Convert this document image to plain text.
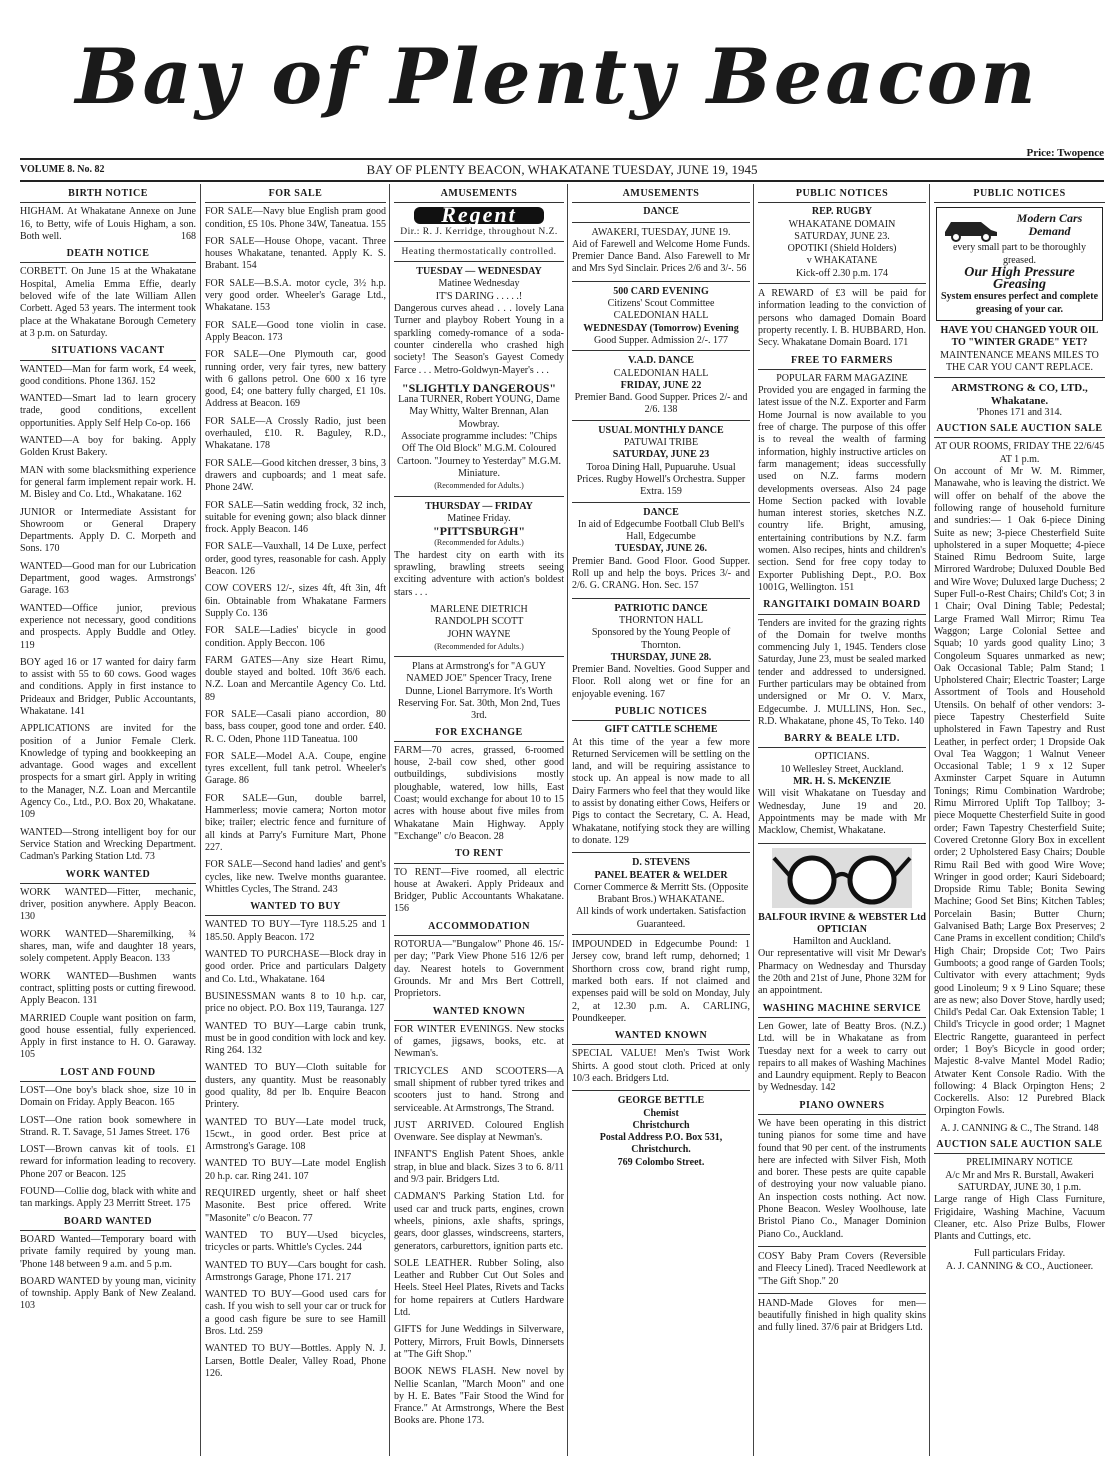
Bay of Plenty Beacon
Price: Twopence
VOLUME 8. No. 82	BAY OF PLENTY BEACON, WHAKATANE TUESDAY, JUNE 19, 1945
BIRTH NOTICE
HIGHAM. At Whakatane Annexe on June 16, to Betty, wife of Louis Higham, a son. Both well.	168
DEATH NOTICE
CORBETT. On June 15 at the Whakatane Hospital, Amelia Emma Effie, dearly beloved wife of the late William Allen Corbett. Aged 53 years. The interment took place at the Whakatane Borough Cemetery at 3 p.m. on Saturday.
SITUATIONS VACANT
WANTED—Man for farm work, £4 week, good conditions. Phone 136J. 152
WANTED—Smart lad to learn grocery trade, good conditions, excellent opportunities. Apply Self Help Co-op. 166
WANTED—A boy for baking. Apply Golden Krust Bakery.
MAN with some blacksmithing experience for general farm implement repair work. H. M. Bisley and Co. Ltd., Whakatane. 162
JUNIOR or Intermediate Assistant for Showroom or General Drapery Departments. Apply D. C. Morpeth and Sons. 170
WANTED—Good man for our Lubrication Department, good wages. Armstrongs' Garage. 163
WANTED—Office junior, previous experience not necessary, good conditions and prospects. Apply Buddle and Otley. 119
BOY aged 16 or 17 wanted for dairy farm to assist with 55 to 60 cows. Good wages and conditions. Apply in first instance to Prideaux and Bridger, Public Accountants, Whakatane. 141
APPLICATIONS are invited for the position of a Junior Female Clerk. Knowledge of typing and bookkeeping an advantage. Good wages and excellent prospects for a smart girl. Apply in writing to the Manager, N.Z. Loan and Mercantile Agency Co., Ltd., P.O. Box 20, Whakatane. 109
WANTED—Strong intelligent boy for our Service Station and Wrecking Department. Cadman's Parking Station Ltd. 73
WORK WANTED
WORK WANTED—Fitter, mechanic, driver, position anywhere. Apply Beacon. 130
WORK WANTED—Sharemilking, ¾ shares, man, wife and daughter 18 years, solely competent. Apply Beacon. 133
WORK WANTED—Bushmen wants contract, splitting posts or cutting firewood. Apply Beacon. 131
MARRIED Couple want position on farm, good house essential, fully experienced. Apply in first instance to H. O. Garaway. 105
LOST AND FOUND
LOST—One boy's black shoe, size 10 in Domain on Friday. Apply Beacon. 165
LOST—One ration book somewhere in Strand. R. T. Savage, 51 James Street. 176
LOST—Brown canvas kit of tools. £1 reward for information leading to recovery. Phone 207 or Beacon. 125
FOUND—Collie dog, black with white and tan markings. Apply 23 Merritt Street. 175
BOARD WANTED
BOARD Wanted—Temporary board with private family required by young man. 'Phone 148 between 9 a.m. and 5 p.m.
BOARD WANTED by young man, vicinity of township. Apply Bank of New Zealand. 103
FOR SALE
FOR SALE—Navy blue English pram good condition, £5 10s. Phone 34W, Taneatua. 155
FOR SALE—House Ohope, vacant. Three houses Whakatane, tenanted. Apply K. S. Brabant. 154
FOR SALE—B.S.A. motor cycle, 3½ h.p. very good order. Wheeler's Garage Ltd., Whakatane. 153
FOR SALE—Good tone violin in case. Apply Beacon. 173
FOR SALE—One Plymouth car, good running order, very fair tyres, new battery with 6 gallons petrol. One 600 x 16 tyre good, £4; one battery fully charged, £1 10s. Address at Beacon. 169
FOR SALE—A Crossly Radio, just been overhauled, £10. R. Baguley, R.D., Whakatane. 178
FOR SALE—Good kitchen dresser, 3 bins, 3 drawers and cupboards; and 1 meat safe. Phone 24W.
FOR SALE—Satin wedding frock, 32 inch, suitable for evening gown; also black dinner frock. Apply Beacon. 146
FOR SALE—Vauxhall, 14 De Luxe, perfect order, good tyres, reasonable for cash. Apply Beacon. 126
COW COVERS 12/-, sizes 4ft, 4ft 3in, 4ft 6in. Obtainable from Whakatane Farmers Supply Co. 136
FOR SALE—Ladies' bicycle in good condition. Apply Beccon. 106
FARM GATES—Any size Heart Rimu, double stayed and bolted. 10ft 36/6 each. N.Z. Loan and Mercantile Agency Co. Ltd. 89
FOR SALE—Casali piano accordion, 80 bass, bass couper, good tone and order. £40. R. C. Oden, Phone 11D Taneatua. 100
FOR SALE—Model A.A. Coupe, engine tyres excellent, full tank petrol. Wheeler's Garage. 86
FOR SALE—Gun, double barrel, Hammerless; movie camera; Norton motor bike; trailer; electric fence and furniture of all kinds at Parry's Furniture Mart, Phone 227.
FOR SALE—Second hand ladies' and gent's cycles, like new. Twelve months guarantee. Whittles Cycles, The Strand. 243
WANTED TO BUY
WANTED TO BUY—Tyre 118.5.25 and 1 185.50. Apply Beacon. 172
WANTED TO PURCHASE—Block dray in good order. Price and particulars Dalgety and Co. Ltd., Whakatane. 164
BUSINESSMAN wants 8 to 10 h.p. car, price no object. P.O. Box 119, Tauranga. 127
WANTED TO BUY—Large cabin trunk, must be in good condition with lock and key. Ring 264. 132
WANTED TO BUY—Cloth suitable for dusters, any quantity. Must be reasonably good quality, 8d per lb. Enquire Beacon Printery.
WANTED TO BUY—Late model truck, 15cwt., in good order. Best price at Armstrong's Garage. 108
WANTED TO BUY—Late model English 20 h.p. car. Ring 241. 107
REQUIRED urgently, sheet or half sheet Masonite. Best price offered. Write "Masonite" c/o Beacon. 77
WANTED TO BUY—Used bicycles, tricycles or parts. Whittle's Cycles. 244
WANTED TO BUY—Cars bought for cash. Armstrongs Garage, Phone 171. 217
WANTED TO BUY—Good used cars for cash. If you wish to sell your car or truck for a good cash figure be sure to see Hamill Bros. Ltd. 259
WANTED TO BUY—Bottles. Apply N. J. Larsen, Bottle Dealer, Valley Road, Phone 126.
AMUSEMENTS
Regent
Dir.: R. J. Kerridge, throughout N.Z.
Heating thermostatically controlled.
TUESDAY — WEDNESDAY
Matinee Wednesday
IT'S DARING . . . . .!
Dangerous curves ahead . . . lovely Lana Turner and playboy Robert Young in a sparkling comedy-romance of a soda-counter cinderella who crashed high society! The Season's Gayest Comedy Farce . . . Metro-Goldwyn-Mayer's . . .
"SLIGHTLY DANGEROUS"
Lana TURNER, Robert YOUNG, Dame May Whitty, Walter Brennan, Alan Mowbray.
Associate programme includes: "Chips Off The Old Block" M.G.M. Coloured Cartoon. "Journey to Yesterday" M.G.M. Miniature.
(Recommended for Adults.)
THURSDAY — FRIDAY
Matinee Friday.
"PITTSBURGH"
(Recommended for Adults.)
The hardest city on earth with its sprawling, brawling streets seeing exciting adventure with action's boldest stars . . .
MARLENE DIETRICH
RANDOLPH SCOTT
JOHN WAYNE
(Recommended for Adults.)
Plans at Armstrong's for "A GUY NAMED JOE" Spencer Tracy, Irene Dunne, Lionel Barrymore. It's Worth Reserving For. Sat. 30th, Mon 2nd, Tues 3rd.
FOR EXCHANGE
FARM—70 acres, grassed, 6-roomed house, 2-bail cow shed, other good outbuildings, subdivisions mostly ploughable, watered, low hills, East Coast; would exchange for about 10 to 15 acres with house about five miles from Whakatane Main Highway. Apply "Exchange" c/o Beacon. 28
TO RENT
TO RENT—Five roomed, all electric house at Awakeri. Apply Prideaux and Bridger, Public Accountants Whakatane. 156
ACCOMMODATION
ROTORUA—"Bungalow" Phone 46. 15/- per day; "Park View Phone 516 12/6 per day. Nearest hotels to Government Grounds. Mr and Mrs Bert Cottrell, Proprietors.
WANTED KNOWN
FOR WINTER EVENINGS. New stocks of games, jigsaws, books, etc. at Newman's.
TRICYCLES AND SCOOTERS—A small shipment of rubber tyred trikes and scooters just to hand. Strong and serviceable. At Armstrongs, The Strand.
JUST ARRIVED. Coloured English Ovenware. See display at Newman's.
INFANT'S English Patent Shoes, ankle strap, in blue and black. Sizes 3 to 6. 8/11 and 9/3 pair. Bridgers Ltd.
CADMAN'S Parking Station Ltd. for used car and truck parts, engines, crown wheels, pinions, axle shafts, springs, gears, door glasses, windscreens, starters, generators, carburettors, ignition parts etc.
SOLE LEATHER. Rubber Soling, also Leather and Rubber Cut Out Soles and Heels. Steel Heel Plates, Rivets and Tacks for home repairers at Cutlers Hardware Ltd.
GIFTS for June Weddings in Silverware, Pottery, Mirrors, Fruit Bowls, Dinnersets at "The Gift Shop."
BOOK NEWS FLASH. New novel by Nellie Scanlan, "March Moon" and one by H. E. Bates "Fair Stood the Wind for France." At Armstrongs, Where the Best Books are. Phone 173.
AMUSEMENTS
DANCE
AWAKERI, TUESDAY, JUNE 19.
Aid of Farewell and Welcome Home Funds. Premier Dance Band. Also Farewell to Mr and Mrs Syd Sinclair. Prices 2/6 and 3/-. 56
500 CARD EVENING
Citizens' Scout Committee
CALEDONIAN HALL
WEDNESDAY (Tomorrow) Evening
Good Supper. Admission 2/-. 177
V.A.D. DANCE
CALEDONIAN HALL
FRIDAY, JUNE 22
Premier Band. Good Supper. Prices 2/- and 2/6. 138
USUAL MONTHLY DANCE
PATUWAI TRIBE
SATURDAY, JUNE 23
Toroa Dining Hall, Pupuaruhe. Usual Prices. Rugby Howell's Orchestra. Supper Extra. 159
DANCE
In aid of Edgecumbe Football Club Bell's Hall, Edgecumbe
TUESDAY, JUNE 26.
Premier Band. Good Floor. Good Supper. Roll up and help the boys. Prices 3/- and 2/6. G. CRANG. Hon. Sec. 157
PATRIOTIC DANCE
THORNTON HALL
Sponsored by the Young People of Thornton.
THURSDAY, JUNE 28.
Premier Band. Novelties. Good Supper and Floor. Roll along wet or fine for an enjoyable evening. 167
PUBLIC NOTICES
GIFT CATTLE SCHEME
At this time of the year a few more Returned Servicemen will be settling on the land, and will be requiring assistance to stock up. An appeal is now made to all Dairy Farmers who feel that they would like to assist by donating either Cows, Heifers or Pigs to contact the Secretary, C. A. Head, Whakatane, notifying stock they are willing to donate. 129
D. STEVENS
PANEL BEATER & WELDER
Corner Commerce & Merritt Sts. (Opposite Brabant Bros.) WHAKATANE.
All kinds of work undertaken. Satisfaction Guaranteed.
IMPOUNDED in Edgecumbe Pound: 1 Jersey cow, brand left rump, dehorned; 1 Shorthorn cross cow, brand right rump, marked both ears. If not claimed and expenses paid will be sold on Monday, July 2, at 12.30 p.m. A. CARLING, Poundkeeper.
WANTED KNOWN
SPECIAL VALUE! Men's Twist Work Shirts. A good stout cloth. Priced at only 10/3 each. Bridgers Ltd.
GEORGE BETTLE
Chemist
Christchurch
Postal Address P.O. Box 531, Christchurch.
769 Colombo Street.
PUBLIC NOTICES
REP. RUGBY
WHAKATANE DOMAIN
SATURDAY, JUNE 23.
OPOTIKI (Shield Holders)
v WHAKATANE
Kick-off 2.30 p.m. 174
A REWARD of £3 will be paid for information leading to the conviction of persons who damaged Domain Board property recently. I. B. HUBBARD, Hon. Secy. Whakatane Domain Board. 171
FREE TO FARMERS
POPULAR FARM MAGAZINE
Provided you are engaged in farming the latest issue of the N.Z. Exporter and Farm Home Journal is now available to you free of charge. The purpose of this offer is to reveal the wealth of farming information, highly instructive articles on farm management; ideas successfully used on N.Z. farms modern developments overseas. Also 24 page Home Section packed with lovable human interest stories, sketches N.Z. country life. Bright, amusing, entertaining contributions by N.Z. farm women. Also recipes, hints and children's section. Send for free copy today to Exporter Publishing Dept., P.O. Box 1001G, Wellington. 151
RANGITAIKI DOMAIN BOARD
Tenders are invited for the grazing rights of the Domain for twelve months commencing July 1, 1945. Tenders close Saturday, June 23, must be sealed marked tender and addressed to undersigned. Further particulars may be obtained from undersigned or Mr O. V. Marx, Edgecumbe. J. MULLINS, Hon. Sec., R.D. Whakatane, phone 4S, To Teko. 140
BARRY & BEALE LTD.
OPTICIANS.
10 Wellesley Street, Auckland.
MR. H. S. McKENZIE
Will visit Whakatane on Tuesday and Wednesday, June 19 and 20. Appointments may be made with Mr Macklow, Chemist, Whakatane.
BALFOUR IRVINE & WEBSTER Ltd
OPTICIAN
Hamilton and Auckland.
Our representative will visit Mr Dewar's Pharmacy on Wednesday and Thursday the 20th and 21st of June, Phone 32M for an appointment.
WASHING MACHINE SERVICE
Len Gower, late of Beatty Bros. (N.Z.) Ltd. will be in Whakatane as from Tuesday next for a week to carry out repairs to all makes of Washing Machines and Laundry equipment. Reply to Beacon by Wednesday. 142
PIANO OWNERS
We have been operating in this district tuning pianos for some time and have found that 90 per cent. of the instruments here are infected with Silver Fish, Moth and borer. These pests are quite capable of destroying your now valuable piano. An inspection costs nothing. Act now. Phone Beacon. Wesley Woolhouse, late Bristol Piano Co., Manager Dominion Piano Co., Auckland.
COSY Baby Pram Covers (Reversible and Fleecy Lined). Traced Needlework at "The Gift Shop." 20
HAND-Made Gloves for men—beautifully finished in high quality skins and fully lined. 37/6 pair at Bridgers Ltd.
PUBLIC NOTICES
Modern Cars Demand
every small part to be thoroughly greased.
Our High Pressure Greasing
System ensures perfect and complete greasing of your car.
HAVE YOU CHANGED YOUR OIL TO "WINTER GRADE" YET?
MAINTENANCE MEANS MILES TO THE CAR YOU CAN'T REPLACE.
ARMSTRONG & CO, LTD., Whakatane.
'Phones 171 and 314.
AUCTION SALE AUCTION SALE
AT OUR ROOMS, FRIDAY THE 22/6/45 AT 1 p.m.
On account of Mr W. M. Rimmer, Manawahe, who is leaving the district. We will offer on behalf of the above the following range of household furniture and sundries:— 1 Oak 6-piece Dining Suite as new; 3-piece Chesterfield Suite upholstered in a super Moquette; 4-piece Stained Rimu Bedroom Suite, large Mirrored Wardrobe; Duluxed Double Bed and Wire Wove; Duluxed large Duchess; 2 Super Full-o-Rest Chairs; Child's Cot; 3 in 1 Chair; Oval Dining Table; Pedestal; Large Framed Wall Mirror; Rimu Tea Waggon; Large Colonial Settee and Squab; 10 yards good quality Lino; 3 Congoleum Squares unmarked as new; Oak Occasional Table; Palm Stand; 1 Upholstered Chair; Electric Toaster; Large Assortment of Tools and Household Utensils. On behalf of other vendors: 3-piece Tapestry Chesterfield Suite upholstered in Fawn Tapestry and Rust Leather, in perfect order; 1 Dropside Oak Oval Tea Waggon; 1 Walnut Veneer Occasional Table; 1 9 x 12 Super Axminster Carpet Square in Autumn Tonings; Rimu Combination Wardrobe; Rimu Mirrored Uplift Top Tallboy; 3-piece Moquette Chesterfield Suite in good order; Fawn Tapestry Chesterfield Suite; Covered Cretonne Glory Box in excellent order; 2 Upholstered Easy Chairs; Double Rimu Rail Bed with good Wire Wove; Wringer in good order; Kauri Sideboard; Dropside Rimu Table; Bonita Sewing Machine; Good Set Bins; Kitchen Tables; Porcelain Basin; Butter Churn; Galvanised Bath; Large Box Preserves; 2 Cane Prams in excellent condition; Child's High Chair; Dropside Cot; Two Pairs Gumboots; a good range of Garden Tools; Cultivator with every attachment; 9yds good Linoleum; 9 x 9 Lino Square; these are as new; also Dover Stove, hardly used; Child's Pedal Car. Oak Extension Table; 1 Child's Tricycle in good order; 1 Magnet Electric Rangette, guaranteed in perfect order; 1 Boy's Bicycle in good order; Majestic 8-valve Mantel Model Radio; Atwater Kent Console Radio. With the following: 4 Black Orpington Hens; 2 Cockerells. Also: 12 Purebred Black Orpington Fowls.
A. J. CANNING & C., The Strand. 148
AUCTION SALE AUCTION SALE
PRELIMINARY NOTICE
A/c Mr and Mrs R. Burstall, Awakeri SATURDAY, JUNE 30, 1 p.m.
Large range of High Class Furniture, Frigidaire, Washing Machine, Vacuum Cleaner, etc. Also Prize Bulbs, Flower Plants and Cuttings, etc.
Full particulars Friday.
A. J. CANNING & CO., Auctioneer.
